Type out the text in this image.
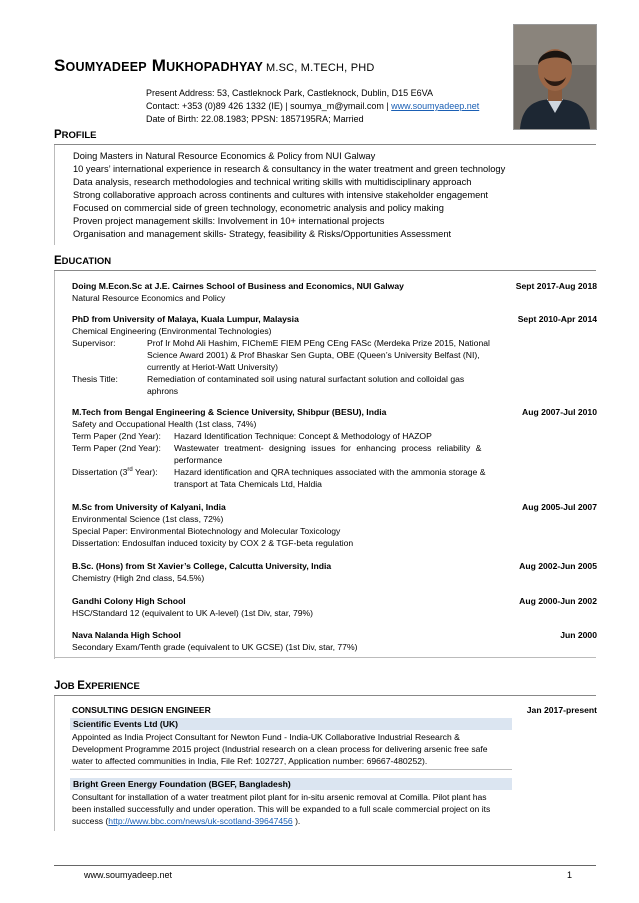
SOUMYADEEP MUKHOPADHYAY M.SC, M.TECH, PHD
Present Address: 53, Castleknock Park, Castleknock, Dublin, D15 E6VA
Contact: +353 (0)89 426 1332 (IE) | soumya_m@ymail.com | www.soumyadeep.net
Date of Birth: 22.08.1983; PPSN: 1857195RA; Married
PROFILE
Doing Masters in Natural Resource Economics & Policy from NUI Galway
10 years’ international experience in research & consultancy in the water treatment and green technology
Data analysis, research methodologies and technical writing skills with multidisciplinary approach
Strong collaborative approach across continents and cultures with intensive stakeholder engagement
Focused on commercial side of green technology, econometric analysis and policy making
Proven project management skills: Involvement in 10+ international projects
Organisation and management skills- Strategy, feasibility & Risks/Opportunities Assessment
EDUCATION
Doing M.Econ.Sc at J.E. Cairnes School of Business and Economics, NUI Galway	Sept 2017-Aug 2018
Natural Resource Economics and Policy
PhD from University of Malaya, Kuala Lumpur, Malaysia	Sept 2010-Apr 2014
Chemical Engineering (Environmental Technologies)
Supervisor:	Prof Ir Mohd Ali Hashim, FIChemE FIEM PEng CEng FASc (Merdeka Prize 2015, National
Science Award 2001) & Prof Bhaskar Sen Gupta, OBE (Queen’s University Belfast (NI),
currently at Heriot-Watt University)
Thesis Title:	Remediation of contaminated soil using natural surfactant solution and colloidal gas
aphrons
M.Tech from Bengal Engineering & Science University, Shibpur (BESU), India	Aug 2007-Jul 2010
Safety and Occupational Health (1st class, 74%)
Term Paper (2nd Year): Hazard Identification Technique: Concept & Methodology of HAZOP
Term Paper (2nd Year): Wastewater treatment- designing issues for enhancing process reliability &
performance
Dissertation (3rd Year): Hazard identification and QRA techniques associated with the ammonia storage &
transport at Tata Chemicals Ltd, Haldia
M.Sc from University of Kalyani, India	Aug 2005-Jul 2007
Environmental Science (1st class, 72%)
Special Paper: Environmental Biotechnology and Molecular Toxicology
Dissertation: Endosulfan induced toxicity by COX 2 & TGF-beta regulation
B.Sc. (Hons) from St Xavier’s College, Calcutta University, India	Aug 2002-Jun 2005
Chemistry (High 2nd class, 54.5%)
Gandhi Colony High School	Aug 2000-Jun 2002
HSC/Standard 12 (equivalent to UK A-level) (1st Div, star, 79%)
Nava Nalanda High School	Jun 2000
Secondary Exam/Tenth grade (equivalent to UK GCSE) (1st Div, star, 77%)
JOB EXPERIENCE
CONSULTING DESIGN ENGINEER	Jan 2017-present
Scientific Events Ltd (UK)
Appointed as India Project Consultant for Newton Fund - India-UK Collaborative Industrial Research &
Development Programme 2015 project (Industrial research on a clean process for delivering arsenic free safe
water to affected communities in India, File Ref: 102727, Application number: 69667-480252).
Bright Green Energy Foundation (BGEF, Bangladesh)
Consultant for installation of a water treatment pilot plant for in-situ arsenic removal at Comilla. Pilot plant has
been installed successfully and under operation. This will be expanded to a full scale commercial project on its
success (http://www.bbc.com/news/uk-scotland-39647456 ).
www.soumyadeep.net	1
